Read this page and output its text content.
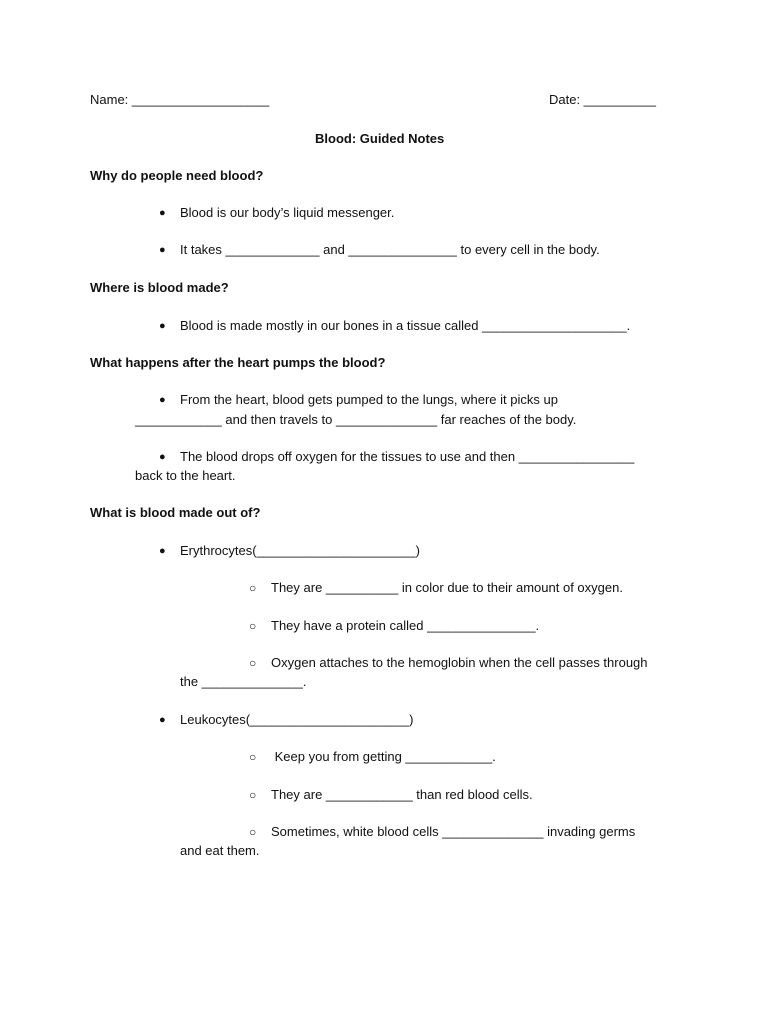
Name: ___________________	Date: __________
Blood: Guided Notes
Why do people need blood?
● Blood is our body’s liquid messenger.
● It takes _____________ and _______________ to every cell in the body.
Where is blood made?
● Blood is made mostly in our bones in a tissue called ____________________.
What happens after the heart pumps the blood?
● From the heart, blood gets pumped to the lungs, where it picks up
____________ and then travels to ______________ far reaches of the body.
● The blood drops off oxygen for the tissues to use and then ________________
back to the heart.
What is blood made out of?
● Erythrocytes(______________________)
○ They are __________ in color due to their amount of oxygen.
○ They have a protein called _______________.
○ Oxygen attaches to the hemoglobin when the cell passes through
the ______________.
● Leukocytes(______________________)
○ Keep you from getting ____________.
○ They are ____________ than red blood cells.
○ Sometimes, white blood cells ______________ invading germs
and eat them.
